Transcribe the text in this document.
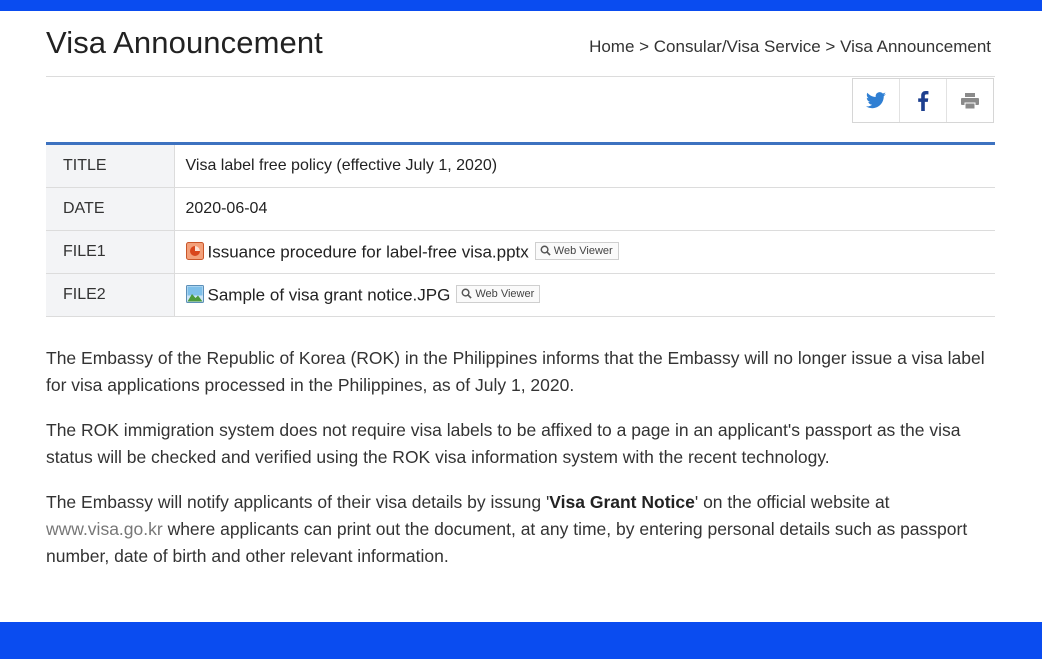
Visa Announcement	Home > Consular/Visa Service > Visa Announcement
TITLE	Visa label free policy (effective July 1, 2020)
DATE	2020-06-04
FILE1	Issuance procedure for label-free visa.pptx Web Viewer

FILE2	Sample of visa grant notice.JPG Web Viewer

The Embassy of the Republic of Korea (ROK) in the Philippines informs that the Embassy will no longer issue a visa label for visa applications processed in the Philippines, as of July 1, 2020.

The ROK immigration system does not require visa labels to be affixed to a page in an applicant's passport as the visa status will be checked and verified using the ROK visa information system with the recent technology.

The Embassy will notify applicants of their visa details by issung 'Visa Grant Notice' on the official website at www.visa.go.kr where applicants can print out the document, at any time, by entering personal details such as passport number, date of birth and other relevant information.
